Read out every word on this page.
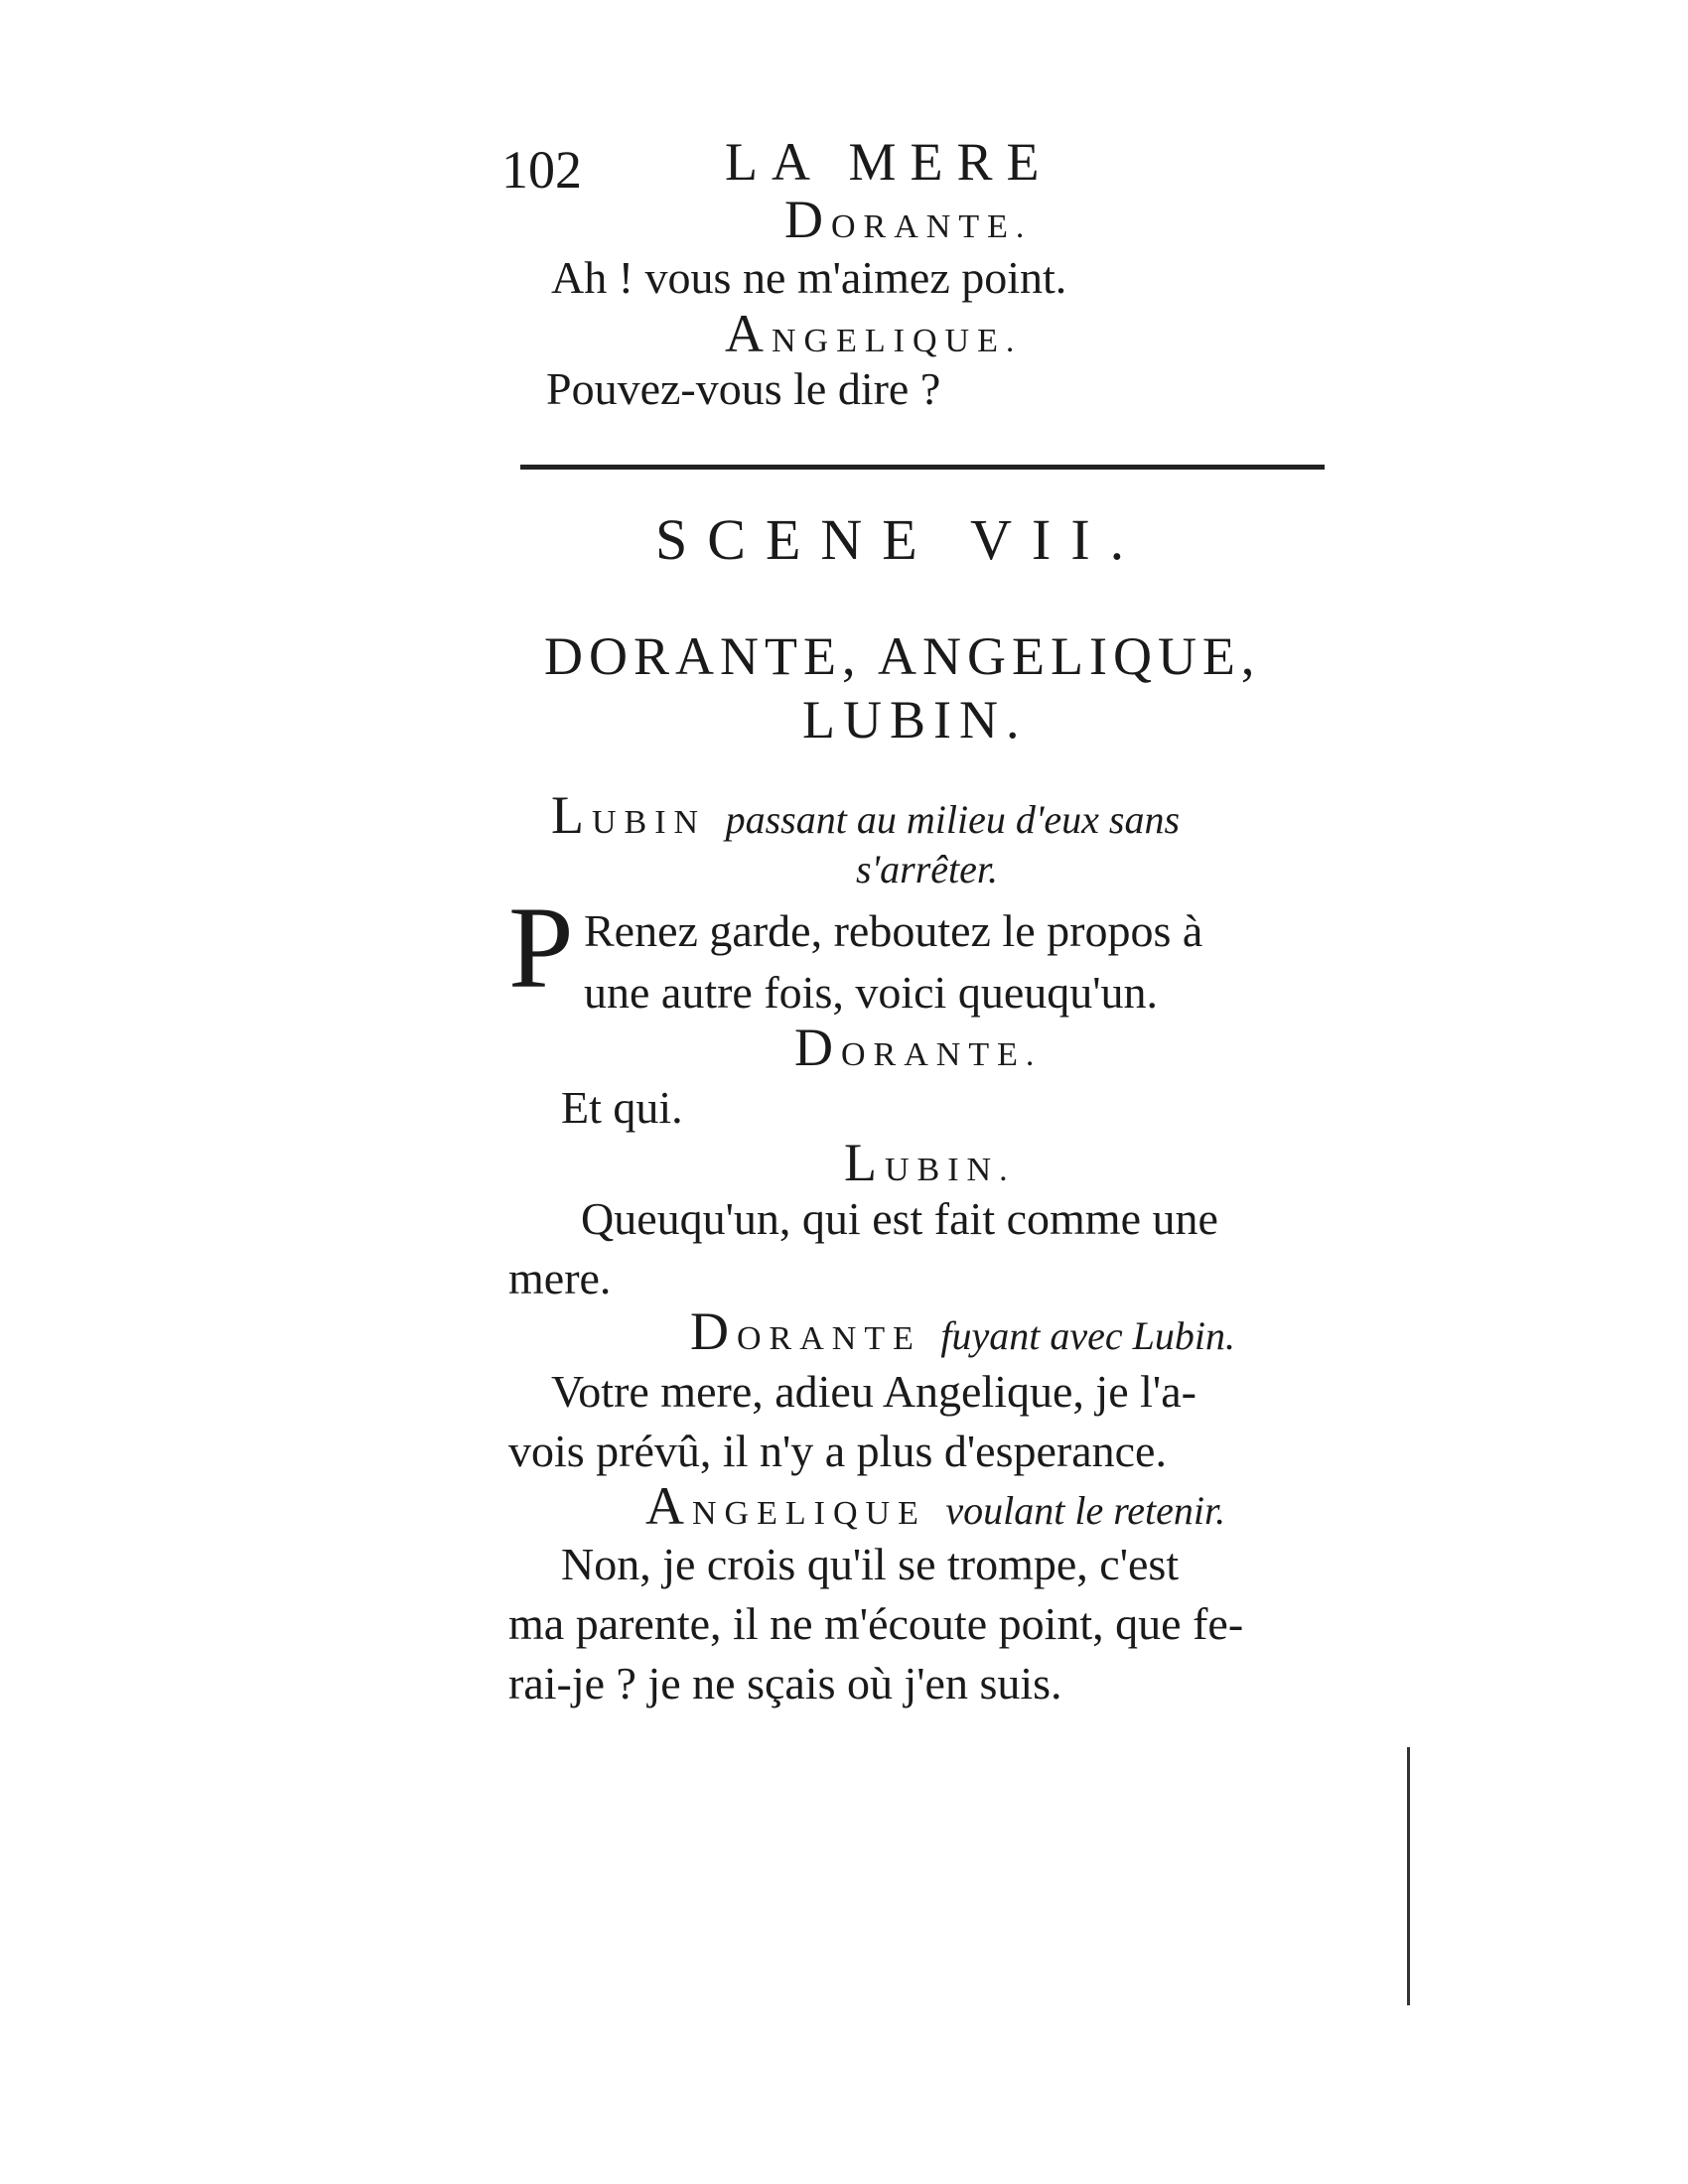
102	LA MERE
DORANTE.
Ah ! vous ne m'aimez point.
ANGELIQUE.
Pouvez-vous le dire ?
SCENE VII.
DORANTE, ANGELIQUE,
LUBIN.
LUBIN passant au milieu d'eux sans
s'arrêter.
P Renez garde, reboutez le propos à
une autre fois, voici queuqu'un.
DORANTE.
Et qui.
LUBIN.
Queuqu'un, qui est fait comme une
mere.
DORANTE fuyant avec Lubin.
Votre mere, adieu Angelique, je l'a-
vois prévû, il n'y a plus d'esperance.
ANGELIQUE voulant le retenir.
Non, je crois qu'il se trompe, c'est
ma parente, il ne m'écoute point, que fe-
rai-je ? je ne sçais où j'en suis.
